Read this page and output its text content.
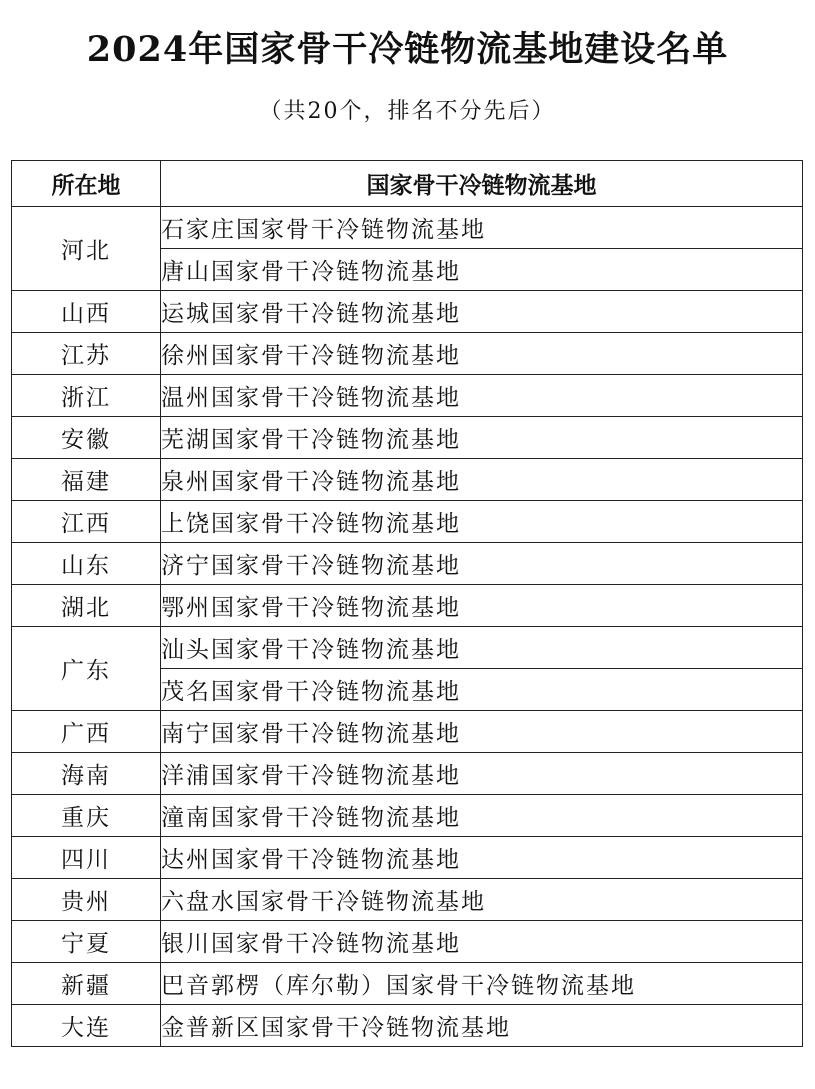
2024年国家骨干冷链物流基地建设名单
（共20个，排名不分先后）
所在地	国家骨干冷链物流基地
河北	石家庄国家骨干冷链物流基地
	唐山国家骨干冷链物流基地
山西	运城国家骨干冷链物流基地
江苏	徐州国家骨干冷链物流基地
浙江	温州国家骨干冷链物流基地
安徽	芜湖国家骨干冷链物流基地
福建	泉州国家骨干冷链物流基地
江西	上饶国家骨干冷链物流基地
山东	济宁国家骨干冷链物流基地
湖北	鄂州国家骨干冷链物流基地
广东	汕头国家骨干冷链物流基地
	茂名国家骨干冷链物流基地
广西	南宁国家骨干冷链物流基地
海南	洋浦国家骨干冷链物流基地
重庆	潼南国家骨干冷链物流基地
四川	达州国家骨干冷链物流基地
贵州	六盘水国家骨干冷链物流基地
宁夏	银川国家骨干冷链物流基地
新疆	巴音郭楞（库尔勒）国家骨干冷链物流基地
大连	金普新区国家骨干冷链物流基地
